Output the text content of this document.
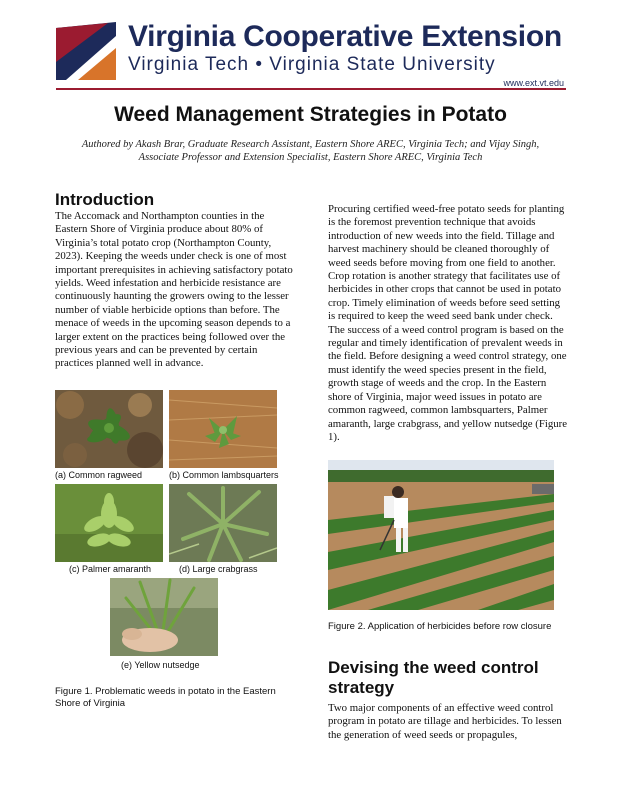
Virginia Cooperative Extension
Virginia Tech • Virginia State University
www.ext.vt.edu
Weed Management Strategies in Potato
Authored by Akash Brar, Graduate Research Assistant, Eastern Shore AREC, Virginia Tech; and Vijay Singh,
Associate Professor and Extension Specialist, Eastern Shore AREC, Virginia Tech
Introduction

The Accomack and Northampton counties in the Eastern Shore of Virginia produce about 80% of Virginia’s total potato crop (Northampton County, 2023). Keeping the weeds under check is one of most important prerequisites in achieving satisfactory potato yields. Weed infestation and herbicide resistance are continuously haunting the growers owing to the lesser number of viable herbicide options than before. The menace of weeds in the upcoming season depends to a larger extent on the practices being followed over the previous years and can be prevented by certain practices planned well in advance.

(a) Common ragweed	(b) Common lambsquarters
(c) Palmer amaranth	(d) Large crabgrass
(e) Yellow nutsedge
Figure 1. Problematic weeds in potato in the Eastern Shore of Virginia

Procuring certified weed-free potato seeds for planting is the foremost prevention technique that avoids introduction of new weeds into the field. Tillage and harvest machinery should be cleaned thoroughly of weed seeds before moving from one field to another. Crop rotation is another strategy that facilitates use of herbicides in other crops that cannot be used in potato crop. Timely elimination of weeds before seed setting is required to keep the weed seed bank under check.

The success of a weed control program is based on the regular and timely identification of prevalent weeds in the field. Before designing a weed control strategy, one must identify the weed species present in the field, growth stage of weeds and the crop. In the Eastern shore of Virginia, major weed issues in potato are common ragweed, common lambsquarters, Palmer amaranth, large crabgrass, and yellow nutsedge (Figure 1).

Figure 2. Application of herbicides before row closure
Devising the weed control strategy

Two major components of an effective weed control program in potato are tillage and herbicides. To lessen the generation of weed seeds or propagules,
